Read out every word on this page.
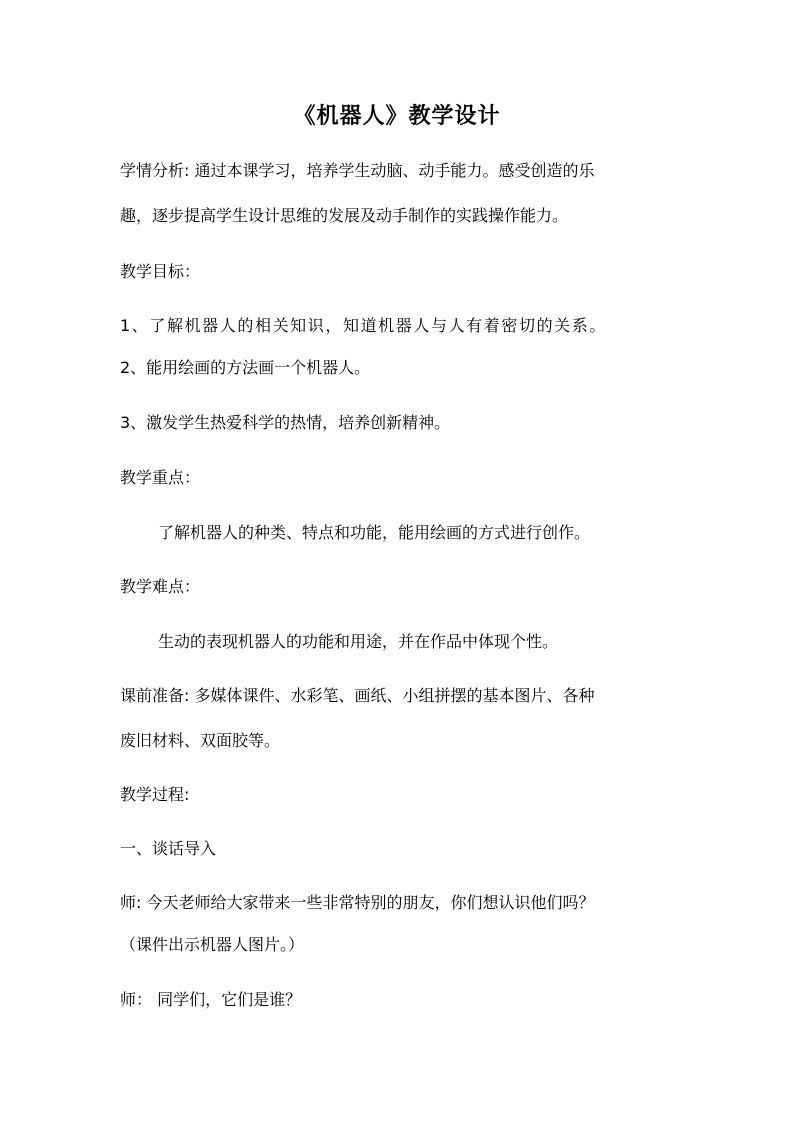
《机器人》教学设计
学情分析: 通过本课学习，培养学生动脑、动手能力。感受创造的乐
趣，逐步提高学生设计思维的发展及动手制作的实践操作能力。
教学目标：
1、了解机器人的相关知识，知道机器人与人有着密切的关系。
2、能用绘画的方法画一个机器人。
3、激发学生热爱科学的热情，培养创新精神。
教学重点：
了解机器人的种类、特点和功能，能用绘画的方式进行创作。
教学难点：
生动的表现机器人的功能和用途，并在作品中体现个性。
课前准备: 多媒体课件、水彩笔、画纸、小组拼摆的基本图片、各种
废旧材料、双面胶等。
教学过程:
一、谈话导入
师: 今天老师给大家带来一些非常特别的朋友，你们想认识他们吗？
（课件出示机器人图片。）
师： 同学们，它们是谁？
